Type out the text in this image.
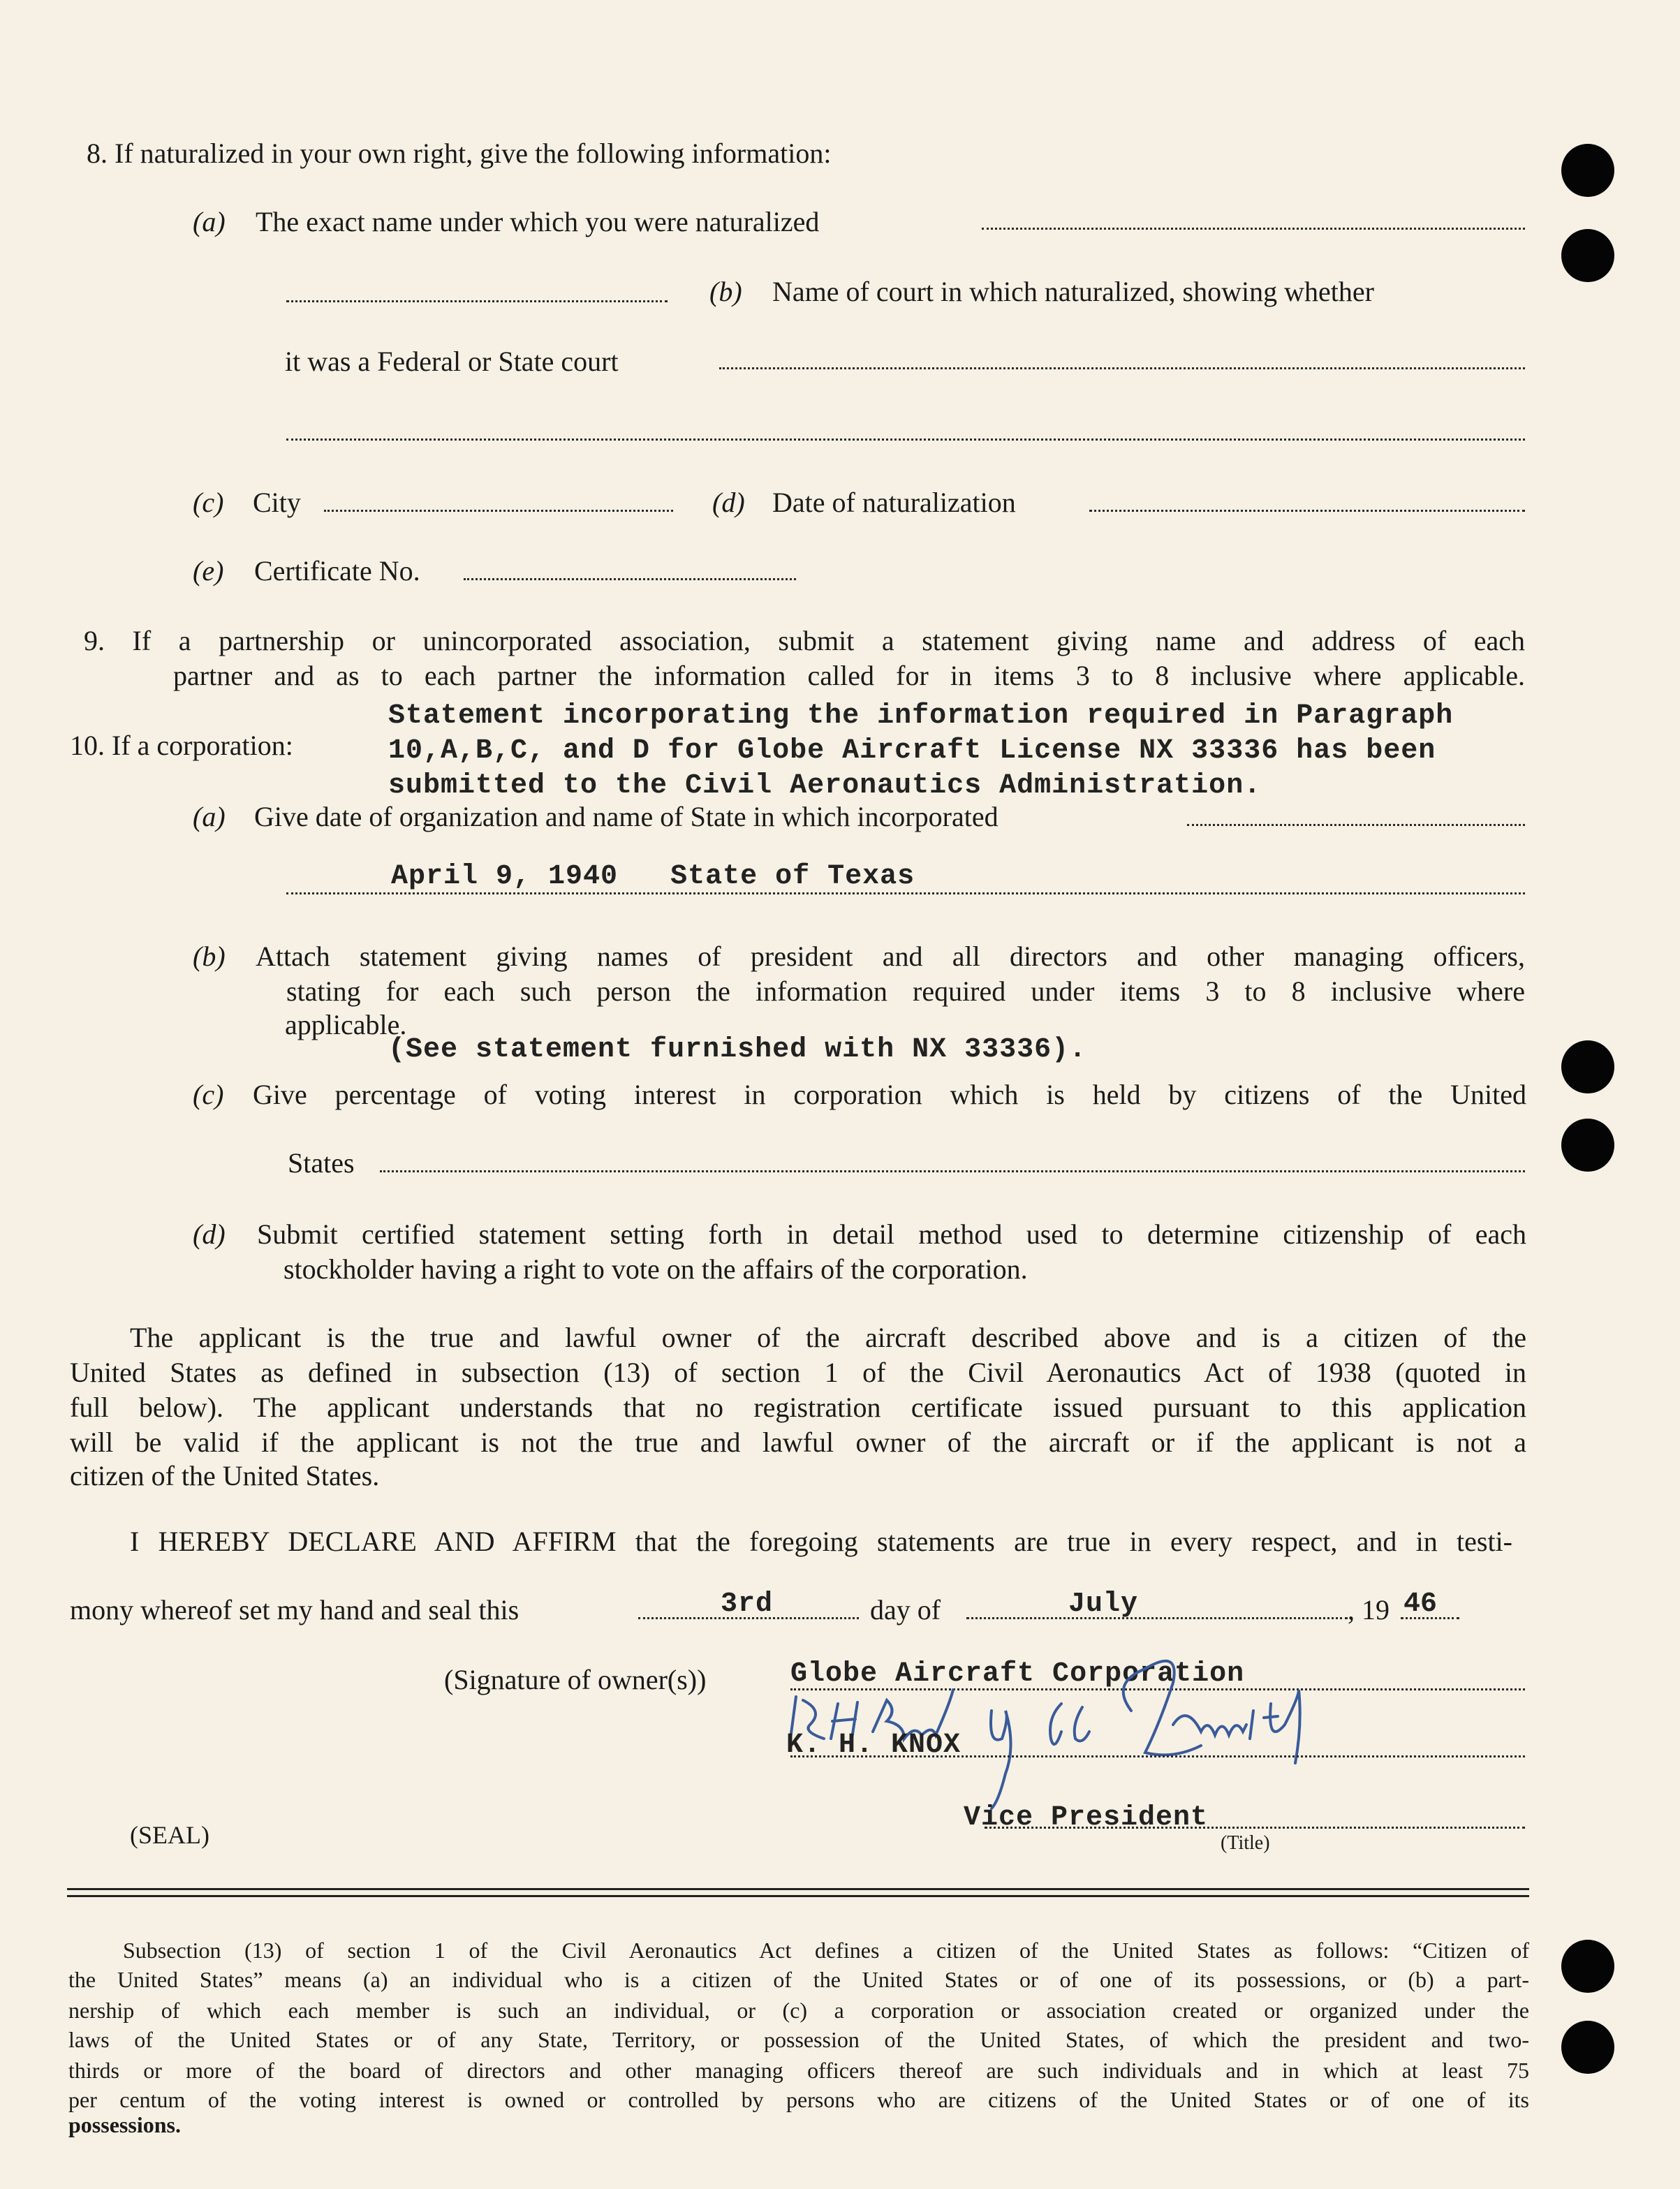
8. If naturalized in your own right, give the following information:
(a) The exact name under which you were naturalized
(b) Name of court in which naturalized, showing whether
it was a Federal or State court
(c) City	(d) Date of naturalization
(e) Certificate No.
9. If a partnership or unincorporated association, submit a statement giving name and address of each
partner and as to each partner the information called for in items 3 to 8 inclusive where applicable.
10. If a corporation:
Statement incorporating the information required in Paragraph
10,A,B,C, and D for Globe Aircraft License NX 33336 has been
submitted to the Civil Aeronautics Administration.
(a) Give date of organization and name of State in which incorporated
April 9, 1940   State of Texas
(b) Attach statement giving names of president and all directors and other managing officers,
stating for each such person the information required under items 3 to 8 inclusive where
applicable.
(See statement furnished with NX 33336).
(c) Give percentage of voting interest in corporation which is held by citizens of the United
States
(d) Submit certified statement setting forth in detail method used to determine citizenship of each
stockholder having a right to vote on the affairs of the corporation.
The applicant is the true and lawful owner of the aircraft described above and is a citizen of the
United States as defined in subsection (13) of section 1 of the Civil Aeronautics Act of 1938 (quoted in
full below). The applicant understands that no registration certificate issued pursuant to this application
will be valid if the applicant is not the true and lawful owner of the aircraft or if the applicant is not a
citizen of the United States.
I HEREBY DECLARE AND AFFIRM that the foregoing statements are true in every respect, and in testi-
mony whereof set my hand and seal this	3rd	day of	July	, 19 46
(Signature of owner(s))	Globe Aircraft Corporation
K. H. KNOX
(SEAL)
Vice President
(Title)
Subsection (13) of section 1 of the Civil Aeronautics Act defines a citizen of the United States as follows: “Citizen of
the United States” means (a) an individual who is a citizen of the United States or of one of its possessions, or (b) a part-
nership of which each member is such an individual, or (c) a corporation or association created or organized under the
laws of the United States or of any State, Territory, or possession of the United States, of which the president and two-
thirds or more of the board of directors and other managing officers thereof are such individuals and in which at least 75
per centum of the voting interest is owned or controlled by persons who are citizens of the United States or of one of its
possessions.
